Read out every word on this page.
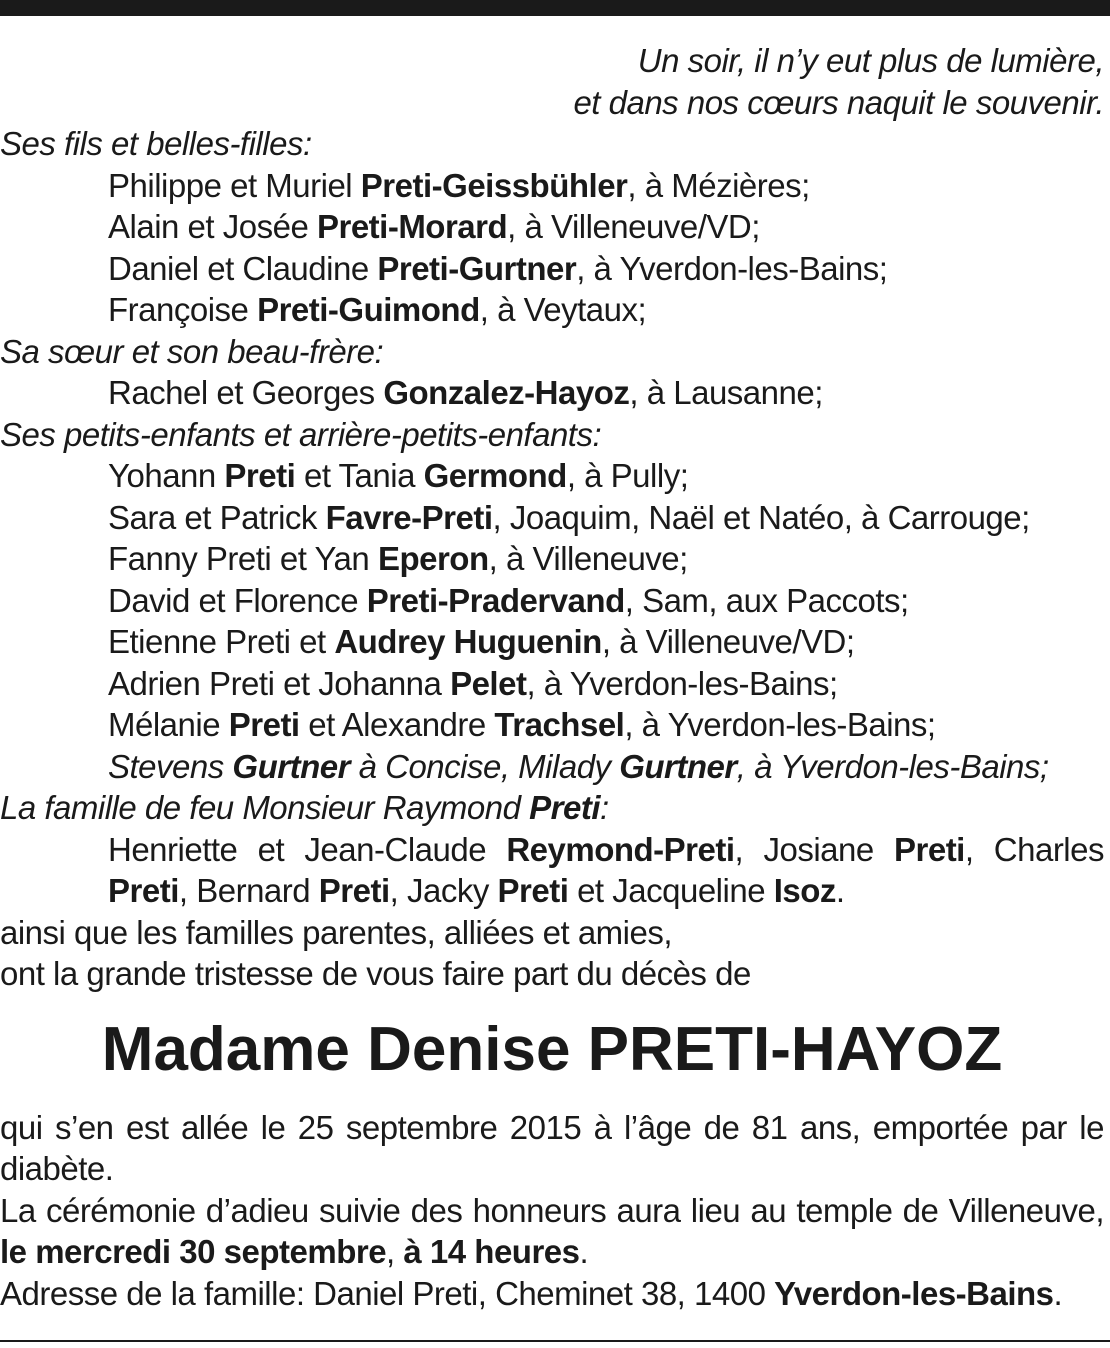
Un soir, il n’y eut plus de lumière,

et dans nos cœurs naquit le souvenir.

Ses fils et belles-filles:

Philippe et Muriel Preti-Geissbühler, à Mézières;

Alain et Josée Preti-Morard, à Villeneuve/VD;

Daniel et Claudine Preti-Gurtner, à Yverdon-les-Bains;

Françoise Preti-Guimond, à Veytaux;

Sa sœur et son beau-frère:

Rachel et Georges Gonzalez-Hayoz, à Lausanne;

Ses petits-enfants et arrière-petits-enfants:

Yohann Preti et Tania Germond, à Pully;

Sara et Patrick Favre-Preti, Joaquim, Naël et Natéo, à Carrouge;

Fanny Preti et Yan Eperon, à Villeneuve;

David et Florence Preti-Pradervand, Sam, aux Paccots;

Etienne Preti et Audrey Huguenin, à Villeneuve/VD;

Adrien Preti et Johanna Pelet, à Yverdon-les-Bains;

Mélanie Preti et Alexandre Trachsel, à Yverdon-les-Bains;

Stevens Gurtner à Concise, Milady Gurtner, à Yverdon-les-Bains;

La famille de feu Monsieur Raymond Preti:

Henriette et Jean-Claude Reymond-Preti, Josiane Preti, Charles Preti, Bernard Preti, Jacky Preti et Jacqueline Isoz.

ainsi que les familles parentes, alliées et amies,

ont la grande tristesse de vous faire part du décès de

Madame Denise PRETI-HAYOZ

qui s’en est allée le 25 septembre 2015 à l’âge de 81 ans, emportée par le diabète.

La cérémonie d’adieu suivie des honneurs aura lieu au temple de Villeneuve, le mercredi 30 septembre, à 14 heures.

Adresse de la famille: Daniel Preti, Cheminet 38, 1400 Yverdon-les-Bains.
